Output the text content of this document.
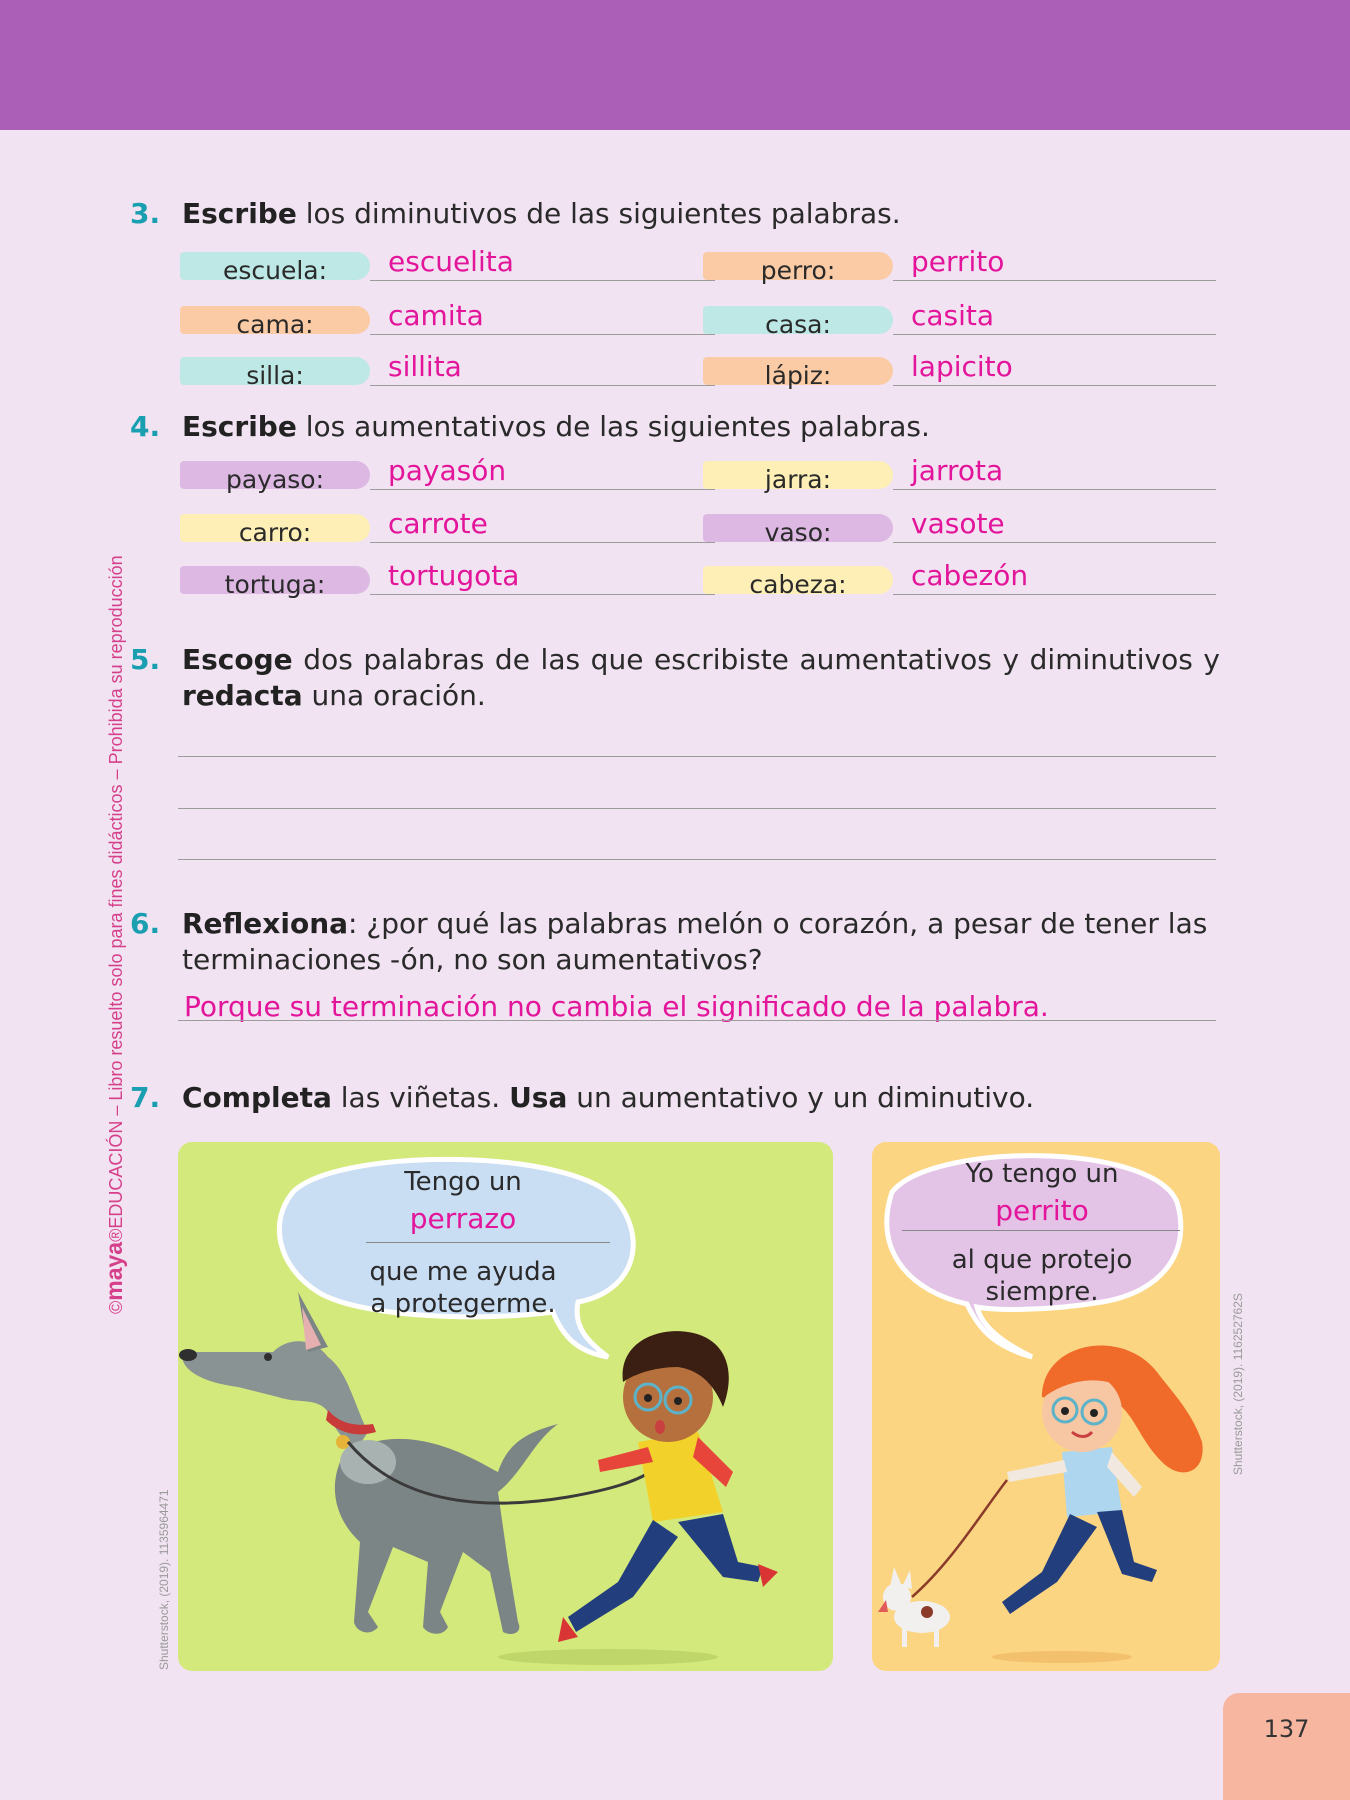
©maya®EDUCACIÓN – Libro resuelto solo para fines didácticos – Prohibida su reproducción
3. Escribe los diminutivos de las siguientes palabras.
escuela:	escuelita	perro:	perrito
cama:	camita	casa:	casita
silla:	sillita	lápiz:	lapicito
4. Escribe los aumentativos de las siguientes palabras.
payaso:	payasón	jarra:	jarrota
carro:	carrote	vaso:	vasote
tortuga:	tortugota	cabeza:	cabezón
5. Escoge dos palabras de las que escribiste aumentativos y diminutivos y redacta una oración.
6. Reflexiona: ¿por qué las palabras melón o corazón, a pesar de tener las terminaciones -ón, no son aumentativos?
Porque su terminación no cambia el significado de la palabra.
7. Completa las viñetas. Usa un aumentativo y un diminutivo.
Tengo un
perrazo
que me ayuda
a protegerme.
Shutterstock, (2019). 1135964471
Yo tengo un
perrito
al que protejo
siempre.
Shutterstock, (2019). 116252762S
137
